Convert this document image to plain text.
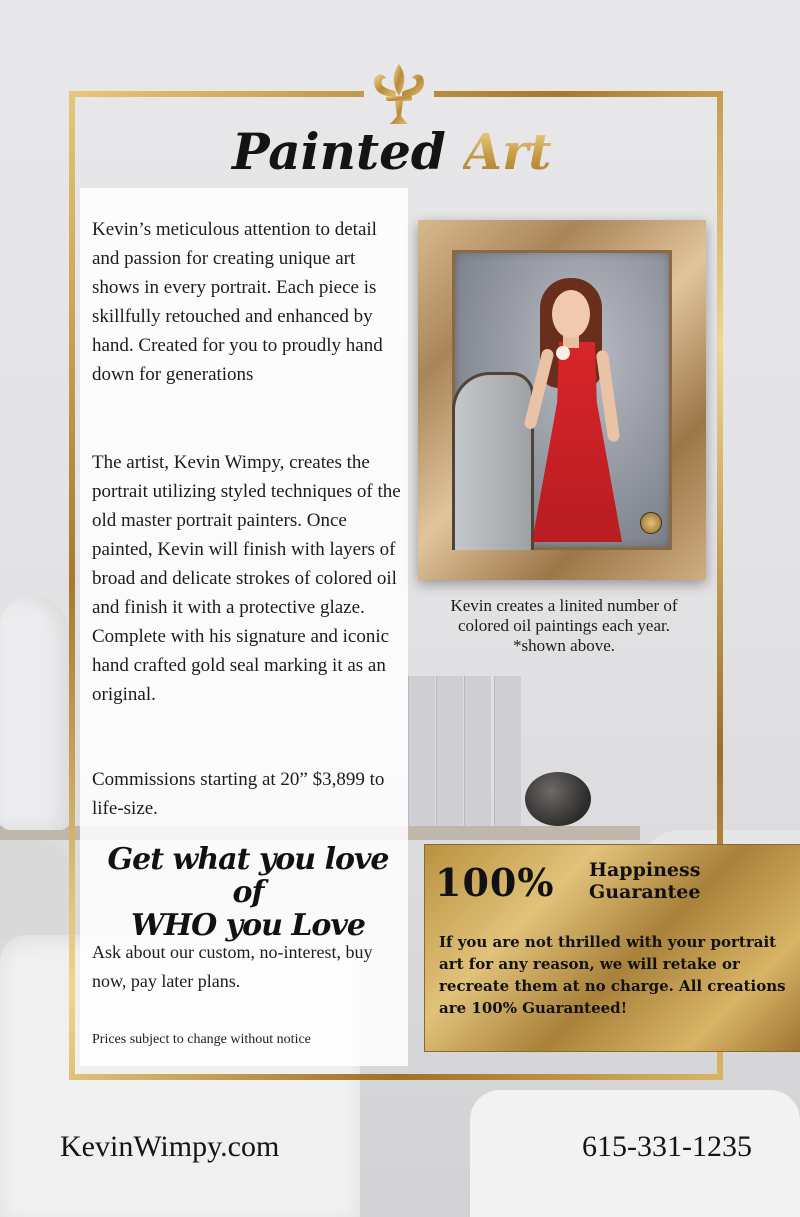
Painted Art
Kevin’s meticulous attention to detail and passion for creating unique art shows in every portrait. Each piece is skillfully retouched and enhanced by hand. Created for you to proudly hand down for generations
The artist, Kevin Wimpy, creates the portrait utilizing styled techniques of the old master portrait painters. Once painted, Kevin will finish with layers of broad and delicate strokes of colored oil and finish it with a protective glaze. Complete with his signature and iconic hand crafted gold seal marking it as an original.
Commissions starting at 20” $3,899 to life-size.
Get what you love of
WHO you Love
Ask about our custom, no-interest, buy now, pay later plans.
Prices subject to change without notice
Kevin creates a linited number of
colored oil paintings each year.
*shown above.
100% Happiness
Guarantee
If you are not thrilled with your portrait art for any reason, we will retake or recreate them at no charge. All creations are 100% Guaranteed!
KevinWimpy.com	615-331-1235
